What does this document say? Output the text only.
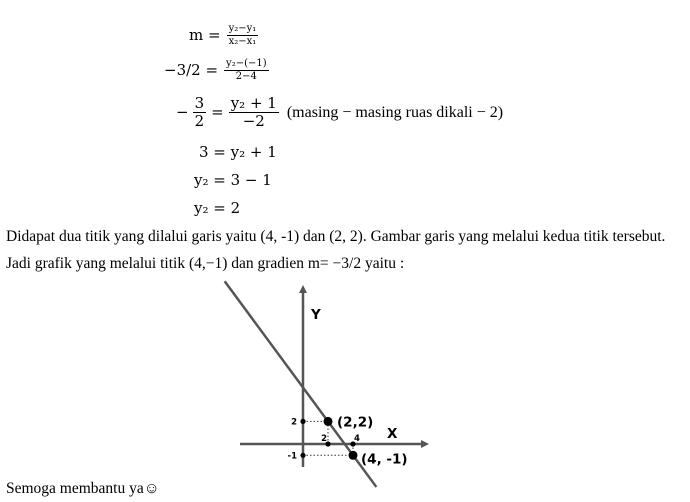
$m = \frac{\text{y₂−y₁}}{\text{x₂−x₁}}$
$-3/2 = \frac{\text{y₂−(−1)}}{2-4}$
− $\frac{3}{2} = \frac{\text{y₂ + 1}}{-2} (masing - masing$ ruas dikali − 2)
3 = y₂ + 1
y₂ = 3 − 1
y₂ = 2
Didapat dua titik yang dilalui garis yaitu (4, -1) dan (2, 2). Gambar garis yang melalui kedua titik tersebut.
Jadi grafik yang melalui titik (4,−1) dan gradien m= −3/2 yaitu :
Semoga membantu ya☺
(2,2)
(4, -1)
2
-1
2	4 X
Y
